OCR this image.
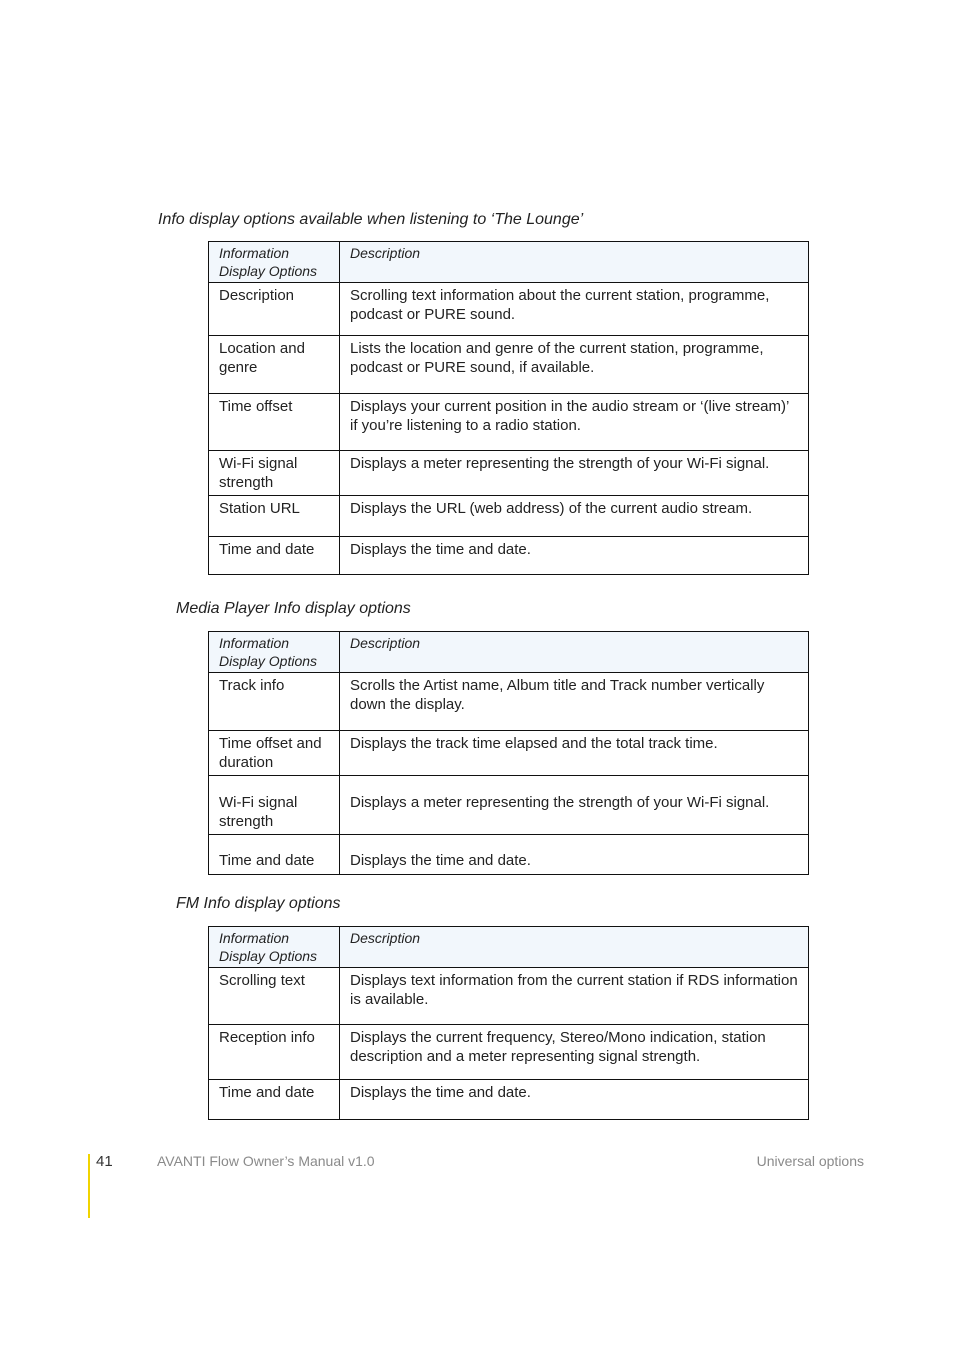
Info display options available when listening to ‘The Lounge’

Information Display Options	Description
Description	Scrolling text information about the current station, programme, podcast or PURE sound.
Location and genre	Lists the location and genre of the current station, programme, podcast or PURE sound, if available.
Time offset	Displays your current position in the audio stream or ‘(live stream)’ if you’re listening to a radio station.
Wi-Fi signal strength	Displays a meter representing the strength of your Wi-Fi signal.
Station URL	Displays the URL (web address) of the current audio stream.
Time and date	Displays the time and date.

Media Player Info display options

Information Display Options	Description
Track info	Scrolls the Artist name, Album title and Track number vertically down the display.
Time offset and duration	Displays the track time elapsed and the total track time.
Wi-Fi signal strength	Displays a meter representing the strength of your Wi-Fi signal.
Time and date	Displays the time and date.

FM Info display options

Information Display Options	Description
Scrolling text	Displays text information from the current station if RDS information is available.
Reception info	Displays the current frequency, Stereo/Mono indication, station description and a meter representing signal strength.
Time and date	Displays the time and date.
41	AVANTI Flow Owner’s Manual v1.0	Universal options
